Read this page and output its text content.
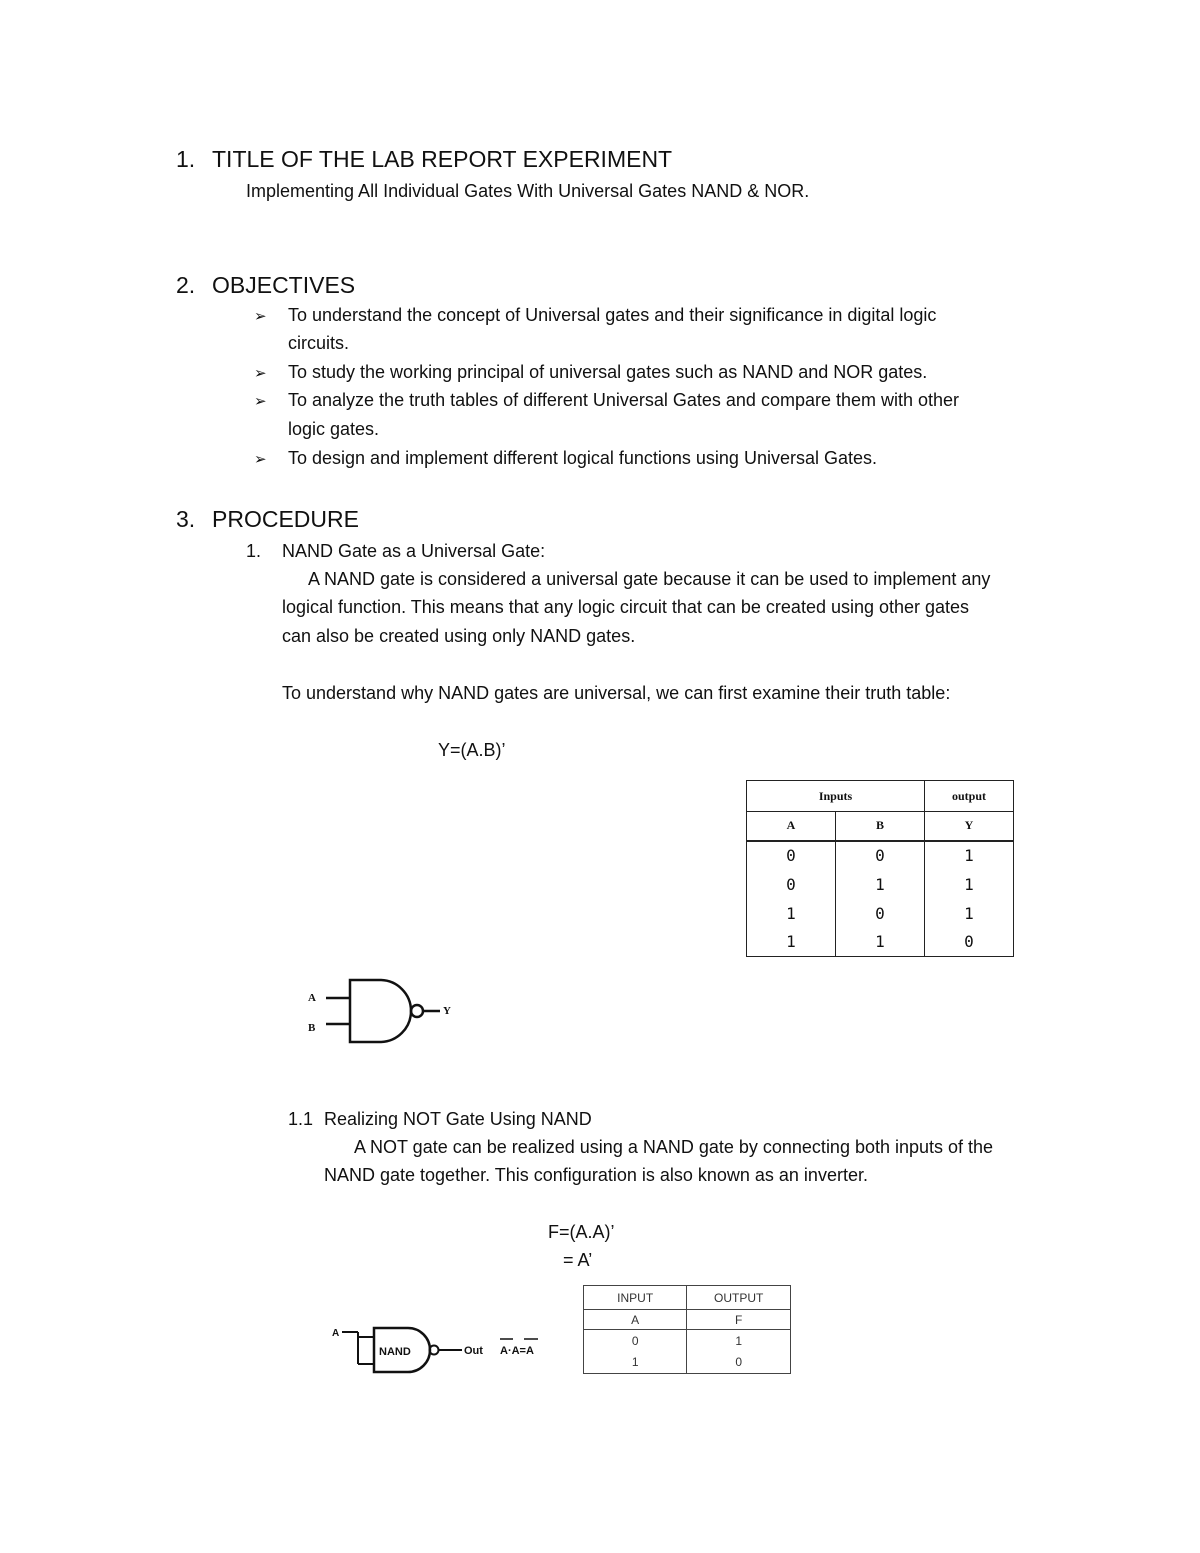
1. TITLE OF THE LAB REPORT EXPERIMENT
Implementing All Individual Gates With Universal Gates NAND & NOR.
2. OBJECTIVES
➢ To understand the concept of Universal gates and their significance in digital logic
circuits.
➢ To study the working principal of universal gates such as NAND and NOR gates.
➢ To analyze the truth tables of different Universal Gates and compare them with other
logic gates.
➢ To design and implement different logical functions using Universal Gates.
3. PROCEDURE
1. NAND Gate as a Universal Gate:
A NAND gate is considered a universal gate because it can be used to implement any
logical function. This means that any logic circuit that can be created using other gates
can also be created using only NAND gates.
To understand why NAND gates are universal, we can first examine their truth table:
Y=(A.B)’
Inputs		output
A	B	Y
0	0	1
0	1	1
1	0	1
1	1	0
A
B
Y
1.1 Realizing NOT Gate Using NAND
A NOT gate can be realized using a NAND gate by connecting both inputs of the
NAND gate together. This configuration is also known as an inverter.
F=(A.A)’
= A’
A
NAND	Out A·A=A
INPUT	OUTPUT
A	F
0	1
1	0
